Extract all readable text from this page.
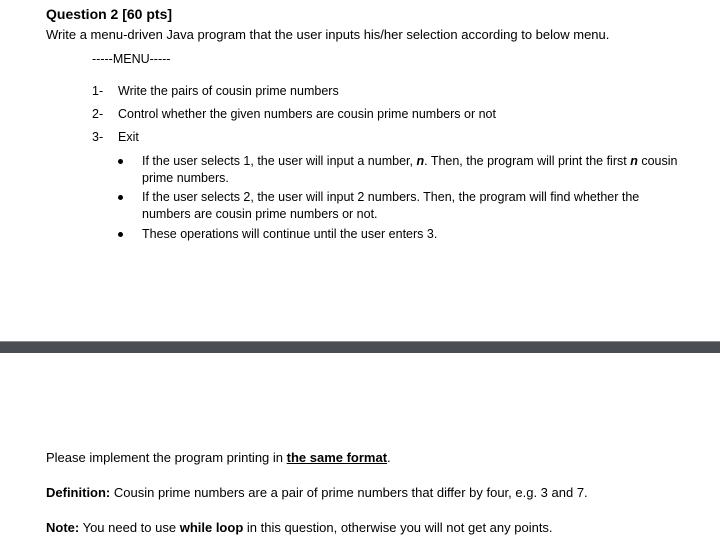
Question 2 [60 pts]
Write a menu-driven Java program that the user inputs his/her selection according to below menu.
-----MENU-----
1- Write the pairs of cousin prime numbers
2- Control whether the given numbers are cousin prime numbers or not
3- Exit
If the user selects 1, the user will input a number, n. Then, the program will print the first n cousin prime numbers.
If the user selects 2, the user will input 2 numbers. Then, the program will find whether the numbers are cousin prime numbers or not.
These operations will continue until the user enters 3.
Please implement the program printing in the same format.
Definition: Cousin prime numbers are a pair of prime numbers that differ by four, e.g. 3 and 7.
Note: You need to use while loop in this question, otherwise you will not get any points.
